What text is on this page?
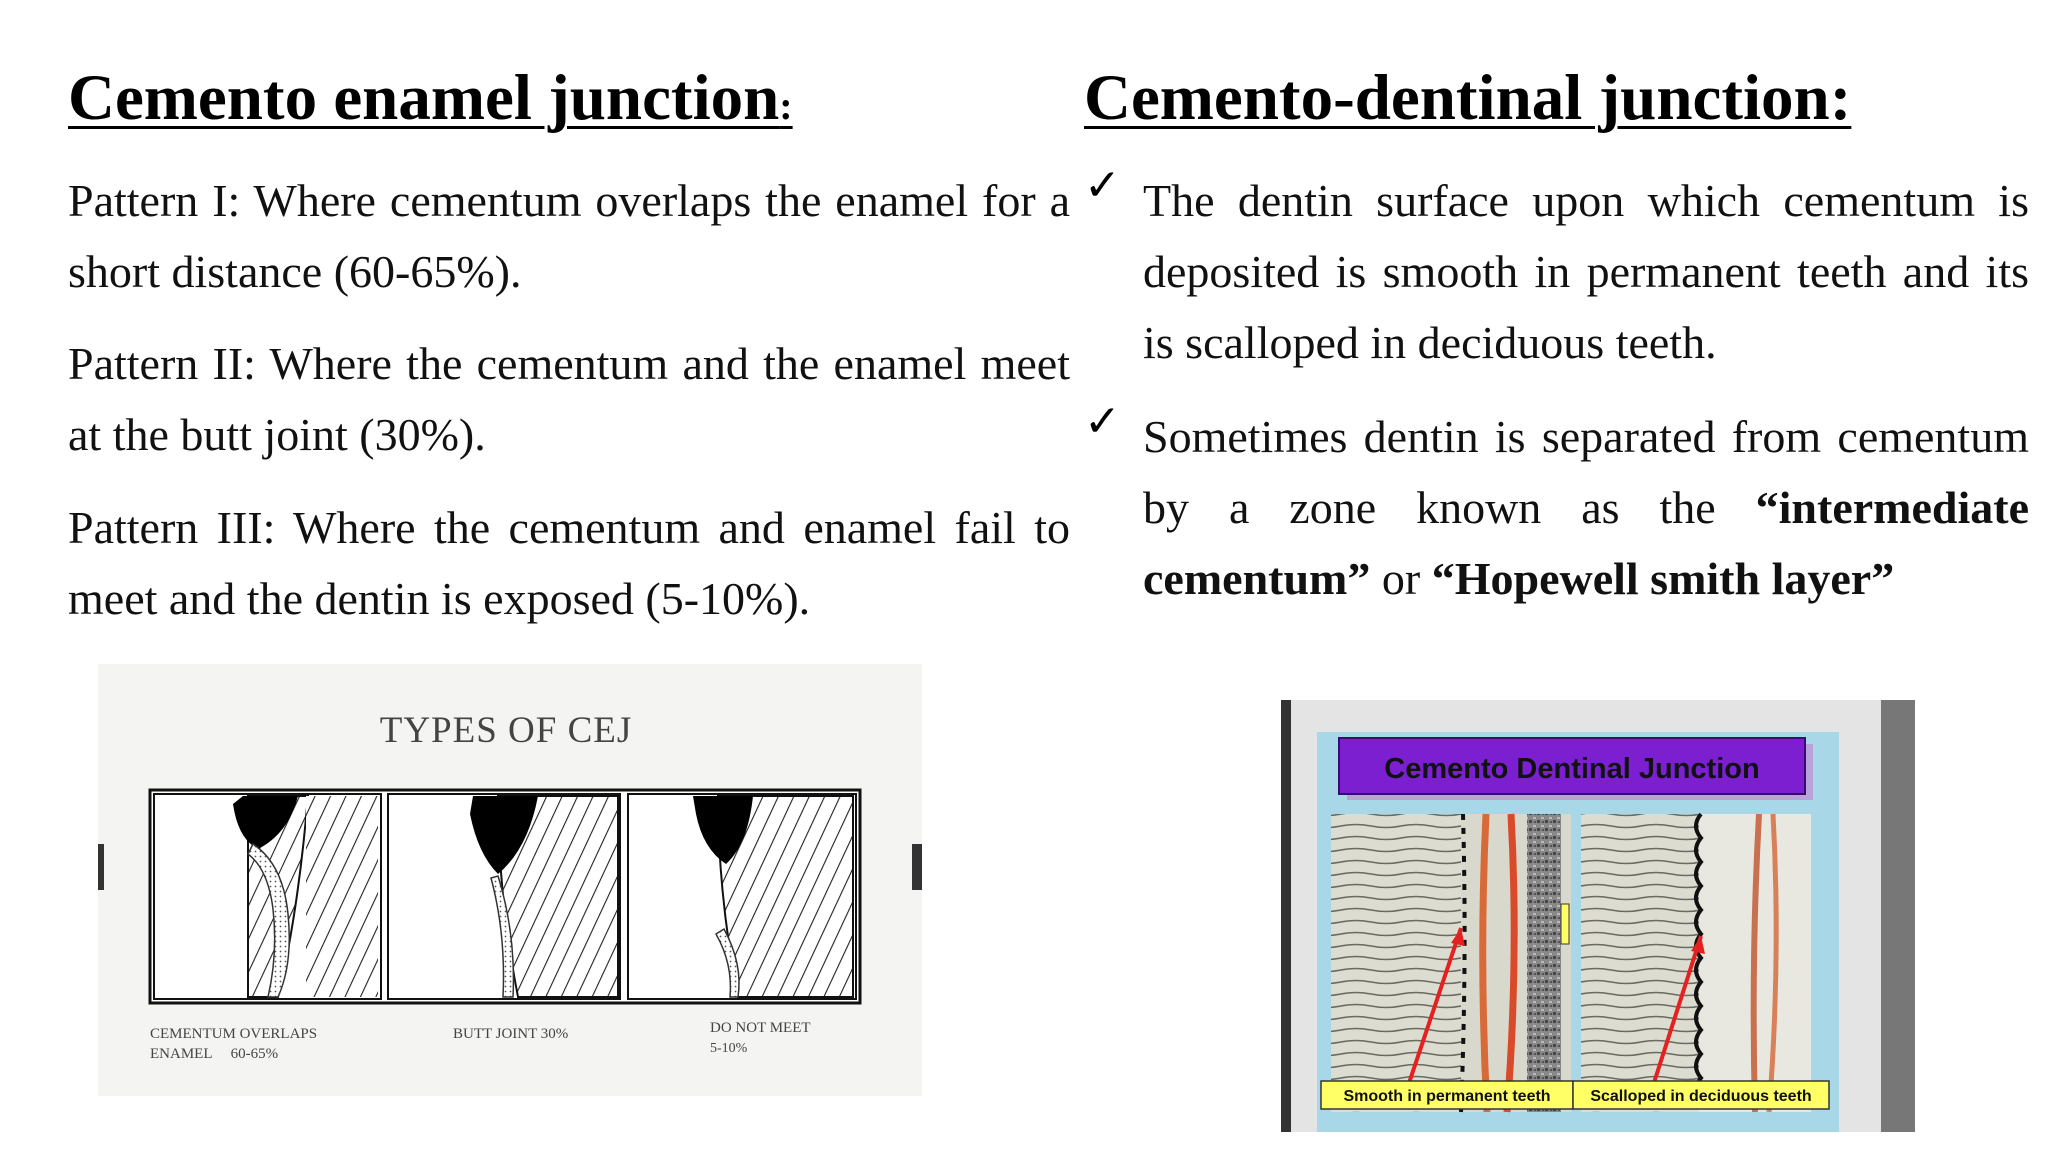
Cemento enamel junction:	Cemento-dentinal junction:

Pattern I: Where cementum overlaps the enamel for a short distance (60-65%).

Pattern II: Where the cementum and the enamel meet at the butt joint (30%).

Pattern III: Where the cementum and enamel fail to meet and the dentin is exposed (5-10%).

✓ The dentin surface upon which cementum is deposited is smooth in permanent teeth and its is scalloped in deciduous teeth.

✓ Sometimes dentin is separated from cementum by a zone known as the “intermediate cementum” or “Hopewell smith layer”

TYPES OF CEJ
CEMENTUM OVERLAPS
ENAMEL     60-65%
BUTT JOINT 30%	DO NOT MEET
5-10%
Cemento Dentinal Junction
Smooth in permanent teeth Scalloped in deciduous teeth
